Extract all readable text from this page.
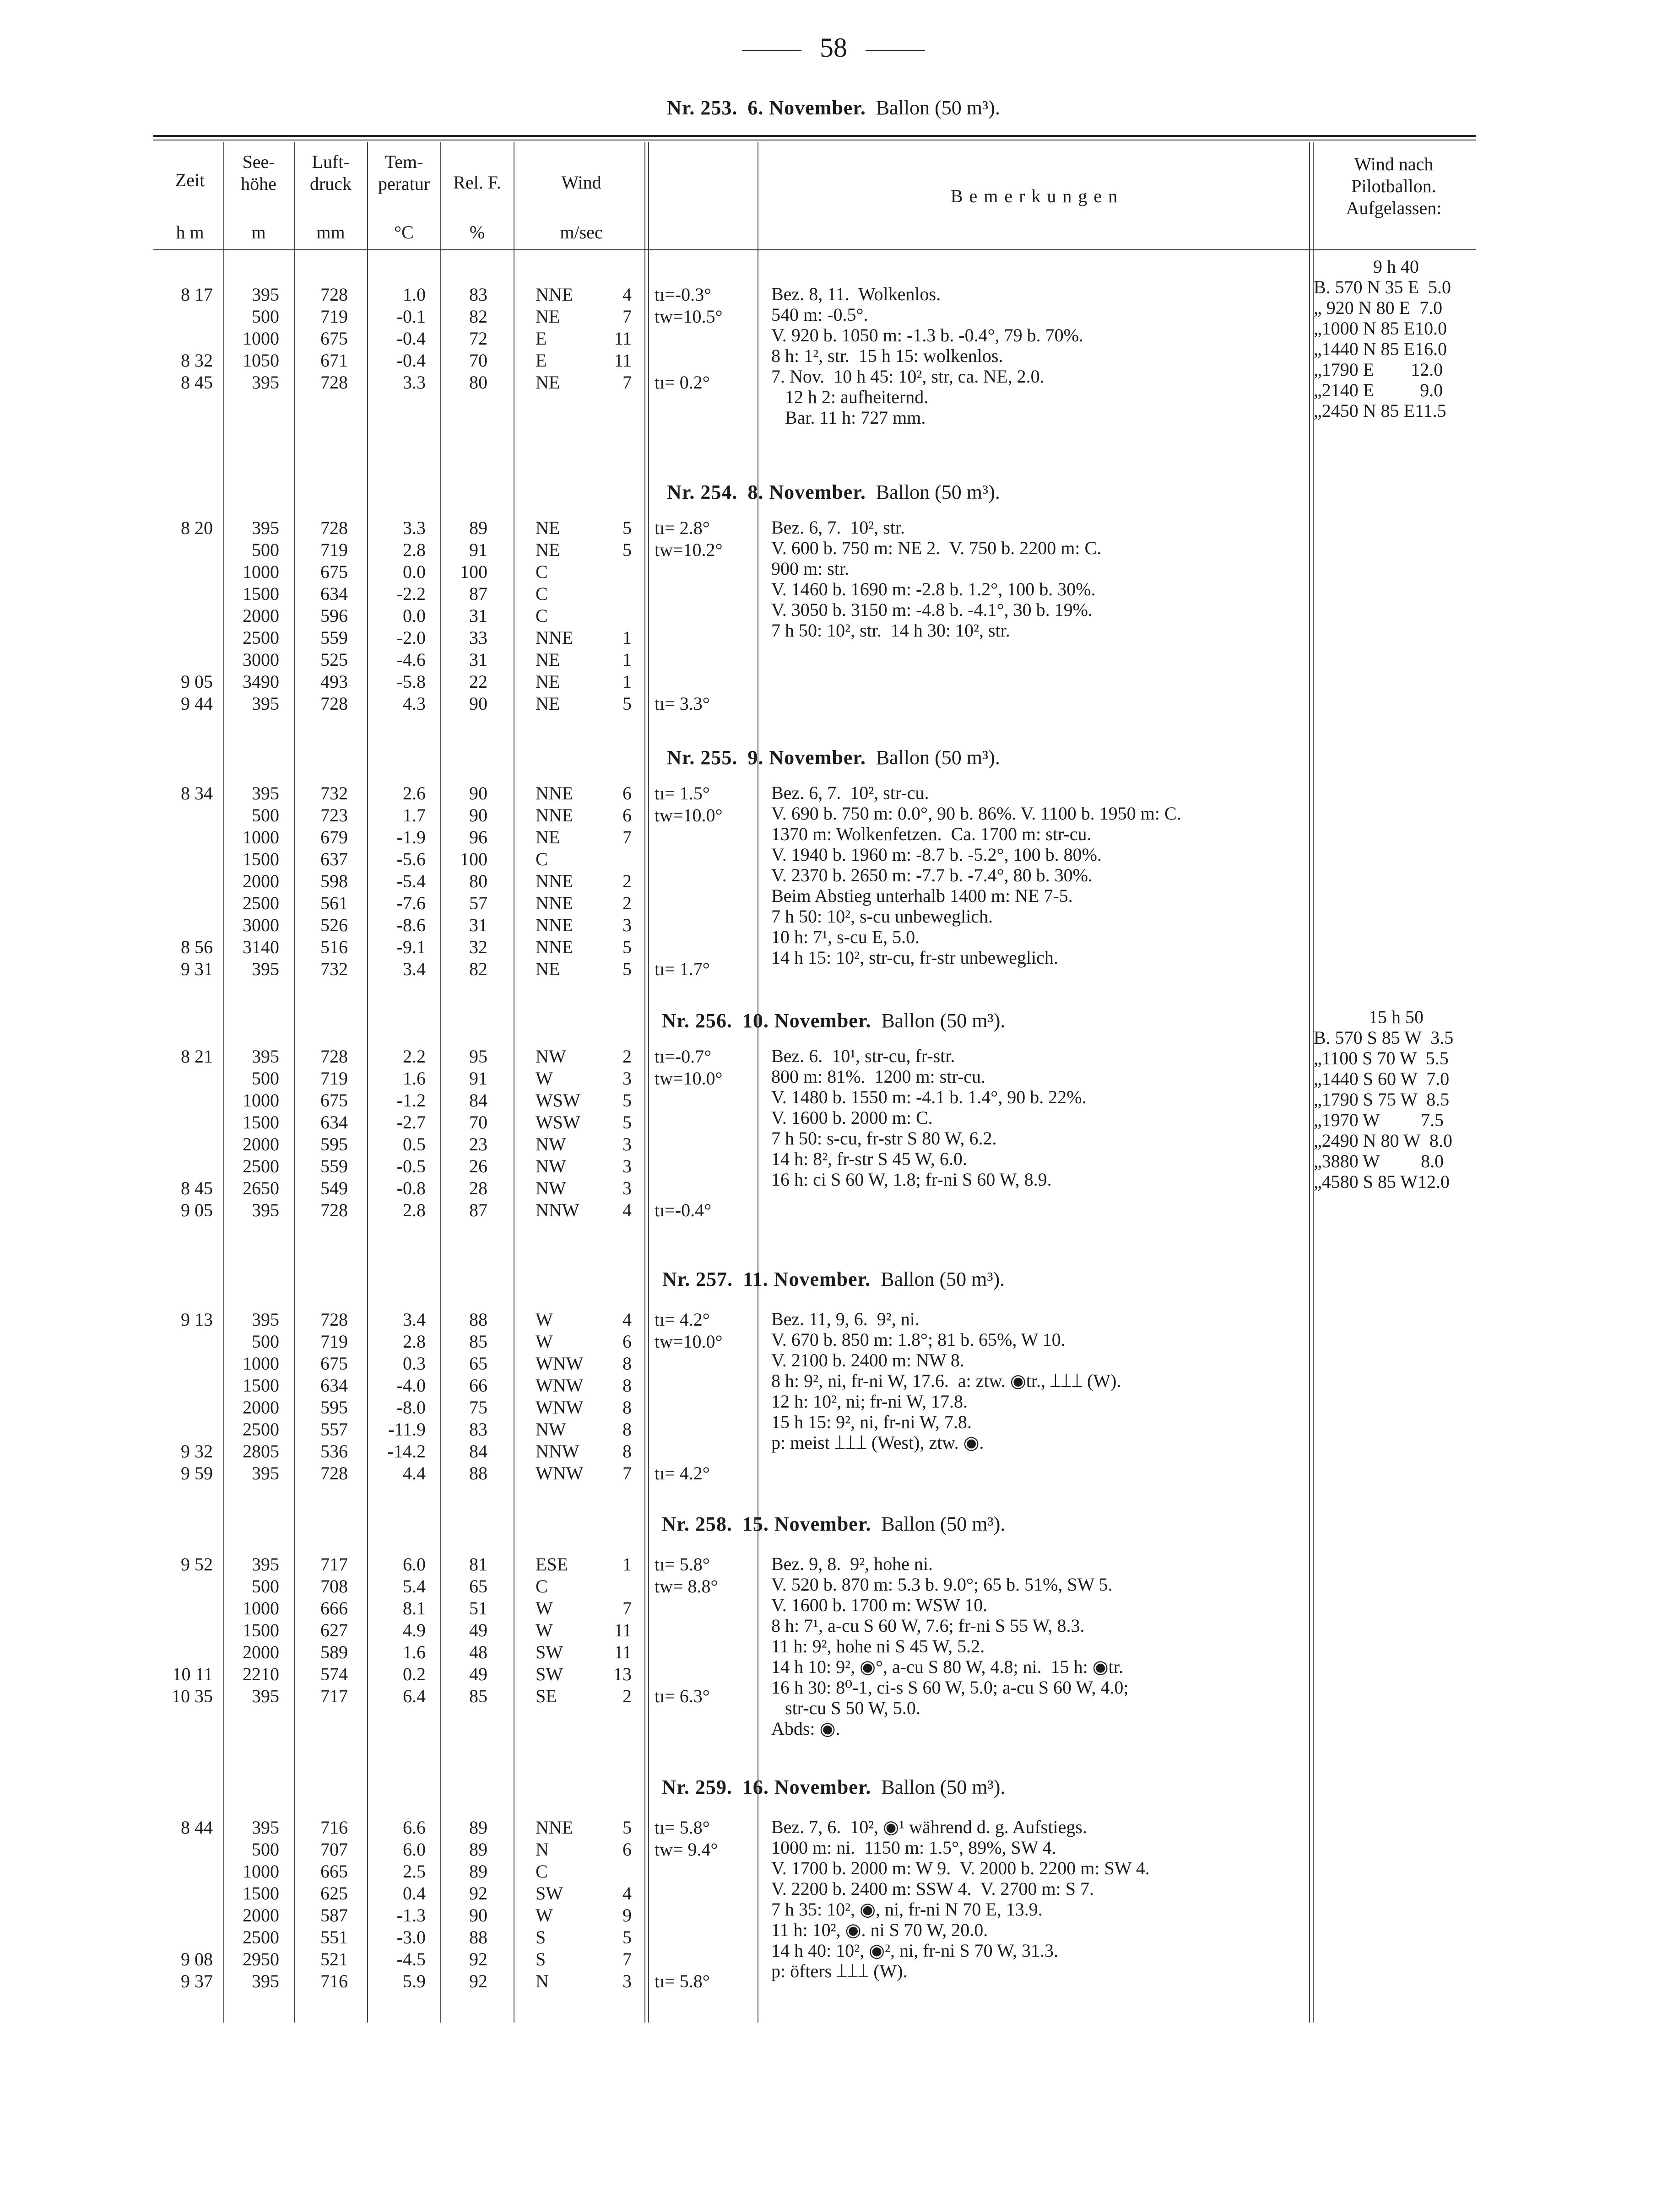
58
Zeit
h m
See-
höhe
m
Luft-
druck
mm
Tem-
peratur
°C
Rel. F.
%
Wind
m/sec
B e m e r k u n g e n
Wind nach
Pilotballon.
Aufgelassen:
Nr. 253. 6. November. Ballon (50 m³).
Nr. 254. 8. November. Ballon (50 m³).
Nr. 255. 9. November. Ballon (50 m³).
Nr. 256. 10. November. Ballon (50 m³).
Nr. 257. 11. November. Ballon (50 m³).
Nr. 258. 15. November. Ballon (50 m³).
Nr. 259. 16. November. Ballon (50 m³).
8 17
8 32
8 45
395
500
1000
1050
395
728
719
675
671
728
1.0
-0.1
-0.4
-0.4
3.3
83
82
72
70
80
NNE
NE
E
E
NE
4
7
11
11
7
tı=-0.3°
tw=10.5°
tı= 0.2°
Bez. 8, 11.  Wolkenlos.
540 m: -0.5°.
V. 920 b. 1050 m: -1.3 b. -0.4°, 79 b. 70%.
8 h: 1², str.  15 h 15: wolkenlos.
7. Nov.  10 h 45: 10², str, ca. NE, 2.0.
12 h 2: aufheiternd.
Bar. 11 h: 727 mm.
9 h 40
B. 570 N 35 E  5.0
„ 920 N 80 E  7.0
„1000 N 85 E10.0
„1440 N 85 E16.0
„1790 E        12.0
„2140 E          9.0
„2450 N 85 E11.5
8 20
9 05
9 44
395
500
1000
1500
2000
2500
3000
3490
395
728
719
675
634
596
559
525
493
728
3.3
2.8
0.0
-2.2
0.0
-2.0
-4.6
-5.8
4.3
89
91
100
87
31
33
31
22
90
NE
NE
C
C
C
NNE
NE
NE
NE
5
5
1
1
1
5
tı= 2.8°
tw=10.2°
tı= 3.3°
Bez. 6, 7.  10², str.
V. 600 b. 750 m: NE 2.  V. 750 b. 2200 m: C.
900 m: str.
V. 1460 b. 1690 m: -2.8 b. 1.2°, 100 b. 30%.
V. 3050 b. 3150 m: -4.8 b. -4.1°, 30 b. 19%.
7 h 50: 10², str.  14 h 30: 10², str.
8 34
8 56
9 31
395
500
1000
1500
2000
2500
3000
3140
395
732
723
679
637
598
561
526
516
732
2.6
1.7
-1.9
-5.6
-5.4
-7.6
-8.6
-9.1
3.4
90
90
96
100
80
57
31
32
82
NNE
NNE
NE
C
NNE
NNE
NNE
NNE
NE
6
6
7
2
2
3
5
5
tı= 1.5°
tw=10.0°
tı= 1.7°
Bez. 6, 7.  10², str-cu.
V. 690 b. 750 m: 0.0°, 90 b. 86%. V. 1100 b. 1950 m: C.
1370 m: Wolkenfetzen.  Ca. 1700 m: str-cu.
V. 1940 b. 1960 m: -8.7 b. -5.2°, 100 b. 80%.
V. 2370 b. 2650 m: -7.7 b. -7.4°, 80 b. 30%.
Beim Abstieg unterhalb 1400 m: NE 7-5.
7 h 50: 10², s-cu unbeweglich.
10 h: 7¹, s-cu E, 5.0.
14 h 15: 10², str-cu, fr-str unbeweglich.
8 21
8 45
9 05
395
500
1000
1500
2000
2500
2650
395
728
719
675
634
595
559
549
728
2.2
1.6
-1.2
-2.7
0.5
-0.5
-0.8
2.8
95
91
84
70
23
26
28
87
NW
W
WSW
WSW
NW
NW
NW
NNW
2
3
5
5
3
3
3
4
tı=-0.7°
tw=10.0°
tı=-0.4°
Bez. 6.  10¹, str-cu, fr-str.
800 m: 81%.  1200 m: str-cu.
V. 1480 b. 1550 m: -4.1 b. 1.4°, 90 b. 22%.
V. 1600 b. 2000 m: C.
7 h 50: s-cu, fr-str S 80 W, 6.2.
14 h: 8², fr-str S 45 W, 6.0.
16 h: ci S 60 W, 1.8; fr-ni S 60 W, 8.9.
15 h 50
B. 570 S 85 W  3.5
„1100 S 70 W  5.5
„1440 S 60 W  7.0
„1790 S 75 W  8.5
„1970 W         7.5
„2490 N 80 W  8.0
„3880 W         8.0
„4580 S 85 W12.0
9 13
9 32
9 59
395
500
1000
1500
2000
2500
2805
395
728
719
675
634
595
557
536
728
3.4
2.8
0.3
-4.0
-8.0
-11.9
-14.2
4.4
88
85
65
66
75
83
84
88
W
W
WNW
WNW
WNW
NW
NNW
WNW
4
6
8
8
8
8
8
7
tı= 4.2°
tw=10.0°
tı= 4.2°
Bez. 11, 9, 6.  9², ni.
V. 670 b. 850 m: 1.8°; 81 b. 65%, W 10.
V. 2100 b. 2400 m: NW 8.
8 h: 9², ni, fr-ni W, 17.6.  a: ztw. ◉tr., ⟘⟘⟘ (W).
12 h: 10², ni; fr-ni W, 17.8.
15 h 15: 9², ni, fr-ni W, 7.8.
p: meist ⟘⟘⟘ (West), ztw. ◉.
9 52
10 11
10 35
395
500
1000
1500
2000
2210
395
717
708
666
627
589
574
717
6.0
5.4
8.1
4.9
1.6
0.2
6.4
81
65
51
49
48
49
85
ESE
C
W
W
SW
SW
SE
1
7
11
11
13
2
tı= 5.8°
tw= 8.8°
tı= 6.3°
Bez. 9, 8.  9², hohe ni.
V. 520 b. 870 m: 5.3 b. 9.0°; 65 b. 51%, SW 5.
V. 1600 b. 1700 m: WSW 10.
8 h: 7¹, a-cu S 60 W, 7.6; fr-ni S 55 W, 8.3.
11 h: 9², hohe ni S 45 W, 5.2.
14 h 10: 9², ◉°, a-cu S 80 W, 4.8; ni.  15 h: ◉tr.
16 h 30: 8⁰-1, ci-s S 60 W, 5.0; a-cu S 60 W, 4.0;
str-cu S 50 W, 5.0.
Abds: ◉.
8 44
9 08
9 37
395
500
1000
1500
2000
2500
2950
395
716
707
665
625
587
551
521
716
6.6
6.0
2.5
0.4
-1.3
-3.0
-4.5
5.9
89
89
89
92
90
88
92
92
NNE
N
C
SW
W
S
S
N
5
6
4
9
5
7
3
tı= 5.8°
tw= 9.4°
tı= 5.8°
Bez. 7, 6.  10², ◉¹ während d. g. Aufstiegs.
1000 m: ni.  1150 m: 1.5°, 89%, SW 4.
V. 1700 b. 2000 m: W 9.  V. 2000 b. 2200 m: SW 4.
V. 2200 b. 2400 m: SSW 4.  V. 2700 m: S 7.
7 h 35: 10², ◉, ni, fr-ni N 70 E, 13.9.
11 h: 10², ◉. ni S 70 W, 20.0.
14 h 40: 10², ◉², ni, fr-ni S 70 W, 31.3.
p: öfters ⟘⟘⟘ (W).
